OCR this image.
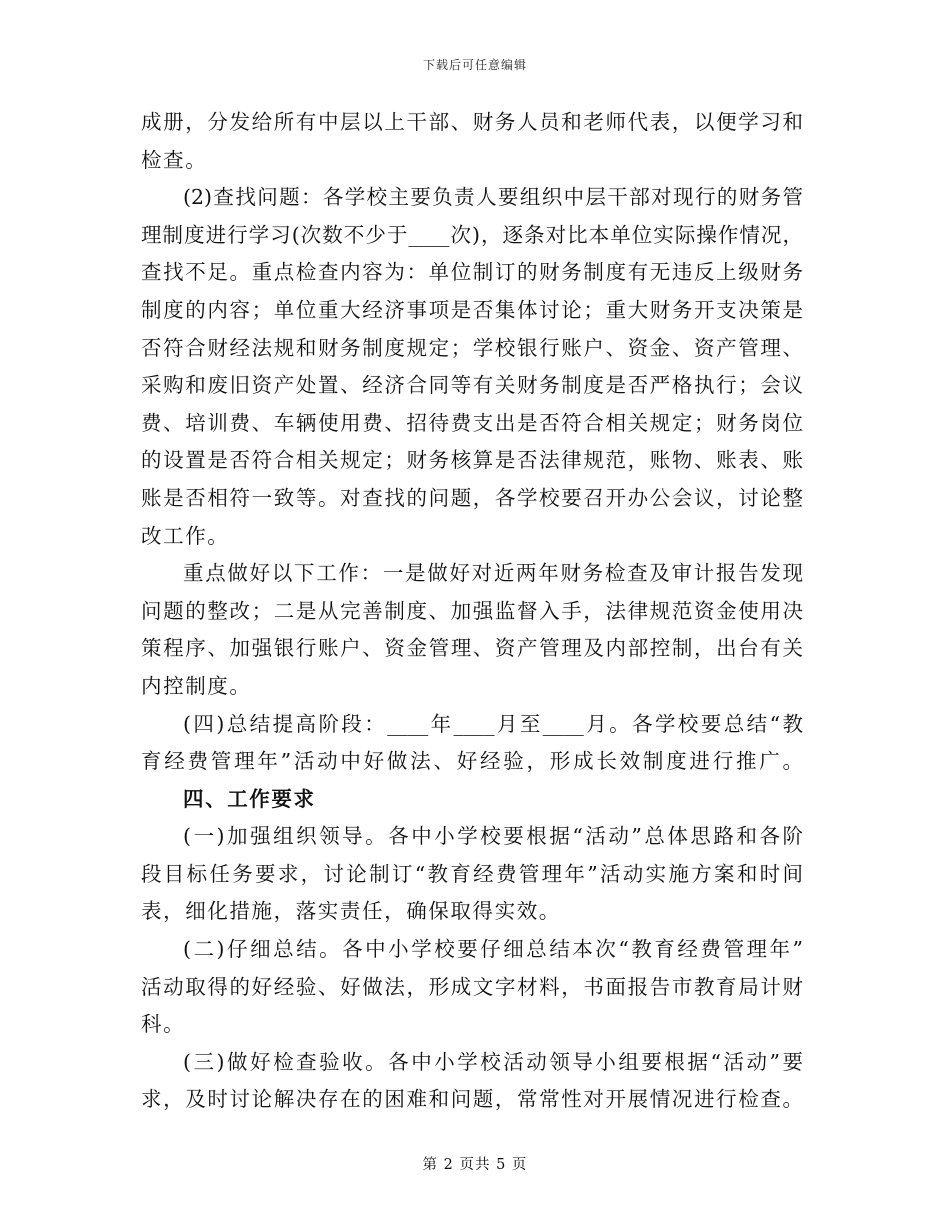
下载后可任意编辑
成册，分发给所有中层以上干部、财务人员和老师代表，以便学习和
检查。
(2)查找问题：各学校主要负责人要组织中层干部对现行的财务管
理制度进行学习(次数不少于____次)，逐条对比本单位实际操作情况，
查找不足。重点检查内容为：单位制订的财务制度有无违反上级财务
制度的内容；单位重大经济事项是否集体讨论；重大财务开支决策是
否符合财经法规和财务制度规定；学校银行账户、资金、资产管理、
采购和废旧资产处置、经济合同等有关财务制度是否严格执行；会议
费、培训费、车辆使用费、招待费支出是否符合相关规定；财务岗位
的设置是否符合相关规定；财务核算是否法律规范，账物、账表、账
账是否相符一致等。对查找的问题，各学校要召开办公会议，讨论整
改工作。
重点做好以下工作：一是做好对近两年财务检查及审计报告发现
问题的整改；二是从完善制度、加强监督入手，法律规范资金使用决
策程序、加强银行账户、资金管理、资产管理及内部控制，出台有关
内控制度。
(四)总结提高阶段：____年____月至____月。各学校要总结“教
育经费管理年”活动中好做法、好经验，形成长效制度进行推广。
四、工作要求
(一)加强组织领导。各中小学校要根据“活动”总体思路和各阶
段目标任务要求，讨论制订“教育经费管理年”活动实施方案和时间
表，细化措施，落实责任，确保取得实效。
(二)仔细总结。各中小学校要仔细总结本次“教育经费管理年”
活动取得的好经验、好做法，形成文字材料，书面报告市教育局计财
科。
(三)做好检查验收。各中小学校活动领导小组要根据“活动”要
求，及时讨论解决存在的困难和问题，常常性对开展情况进行检查。
第 2 页共 5 页
